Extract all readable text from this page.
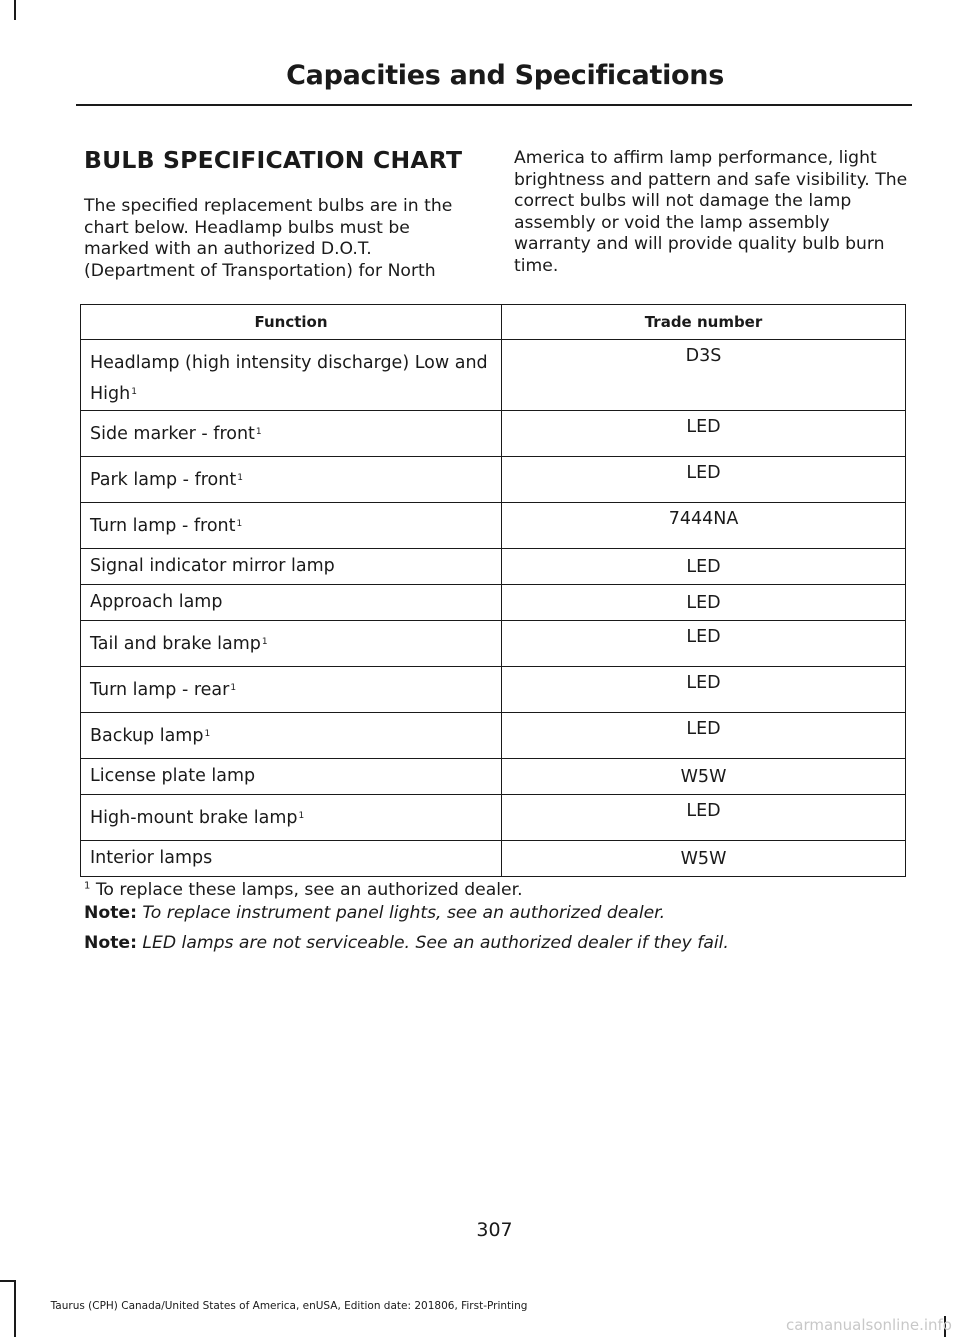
Capacities and Specifications
BULB SPECIFICATION CHART
The specified replacement bulbs are in the chart below. Headlamp bulbs must be marked with an authorized D.O.T. (Department of Transportation) for North
America to affirm lamp performance, light brightness and pattern and safe visibility. The correct bulbs will not damage the lamp assembly or void the lamp assembly warranty and will provide quality bulb burn time.
Function	Trade number
Headlamp (high intensity discharge) Low and High$^1$	D3S
Side marker - front$^1$	LED
Park lamp - front$^1$	LED
Turn lamp - front$^1$	7444NA
Signal indicator mirror lamp	LED
Approach lamp	LED
Tail and brake lamp$^1$	LED
Turn lamp - rear$^1$	LED
Backup lamp$^1$	LED
License plate lamp	W5W
High-mount brake lamp$^1$	LED
Interior lamps	W5W
$^1$ To replace these lamps, see an authorized dealer.
Note: To replace instrument panel lights, see an authorized dealer.
Note: LED lamps are not serviceable. See an authorized dealer if they fail.
307
Taurus (CPH) Canada/United States of America, enUSA, Edition date: 201806, First-Printing
carmanualsonline.info
